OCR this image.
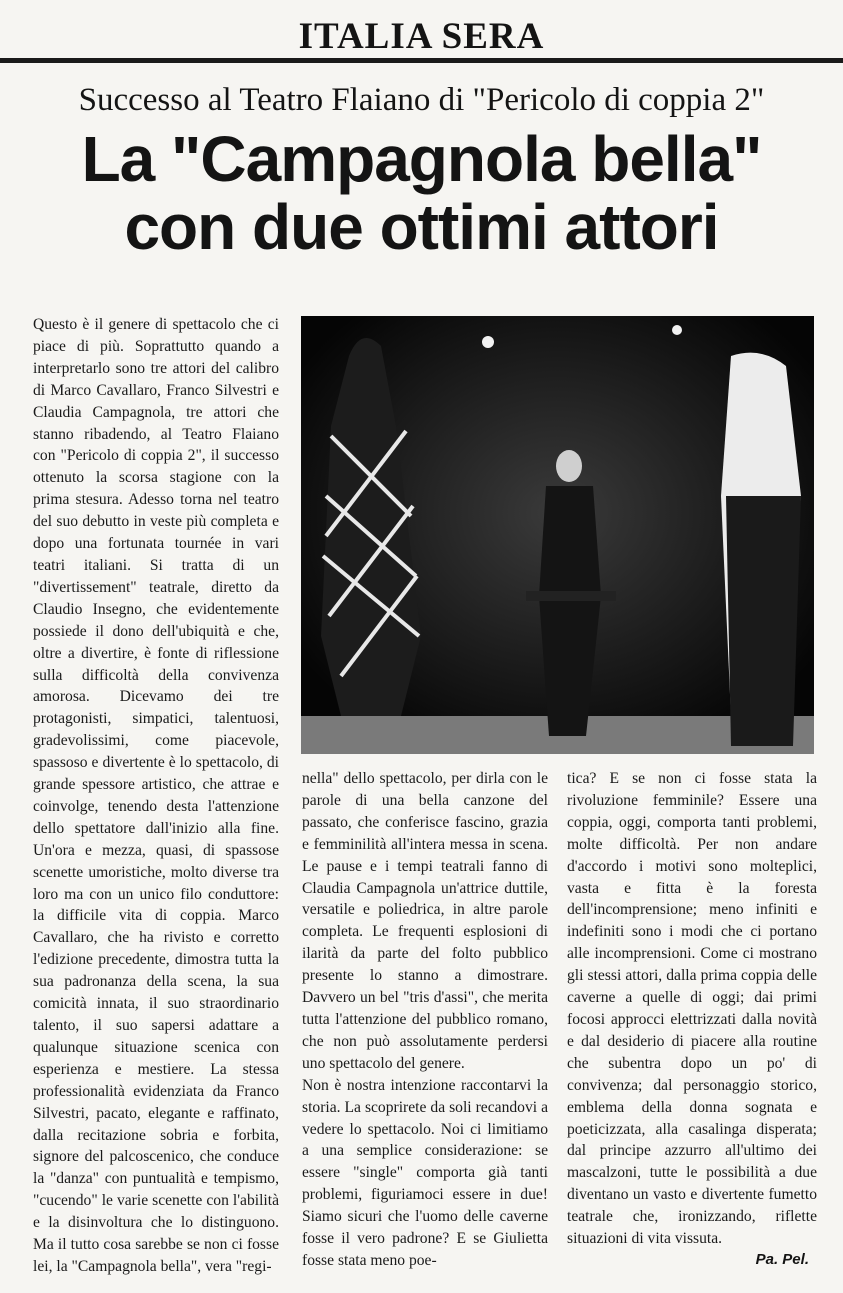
ITALIA SERA
Successo al Teatro Flaiano di "Pericolo di coppia 2"
La "Campagnola bella"
con due ottimi attori

Questo è il genere di spettacolo che ci piace di più. Soprattutto quando a interpretarlo sono tre attori del calibro di Marco Cavallaro, Franco Silvestri e Claudia Campagnola, tre attori che stanno ribadendo, al Teatro Flaiano con "Pericolo di coppia 2", il successo ottenuto la scorsa stagione con la prima stesura. Adesso torna nel teatro del suo debutto in veste più completa e dopo una fortunata tournée in vari teatri italiani. Si tratta di un "divertissement" teatrale, diretto da Claudio Insegno, che evidentemente possiede il dono dell'ubiquità e che, oltre a divertire, è fonte di riflessione sulla difficoltà della convivenza amorosa. Dicevamo dei tre protagonisti, simpatici, talentuosi, gradevolissimi, come piacevole, spassoso e divertente è lo spettacolo, di grande spessore artistico, che attrae e coinvolge, tenendo desta l'attenzione dello spettatore dall'inizio alla fine. Un'ora e mezza, quasi, di spassose scenette umoristiche, molto diverse tra loro ma con un unico filo conduttore: la difficile vita di coppia. Marco Cavallaro, che ha rivisto e corretto l'edizione precedente, dimostra tutta la sua padronanza della scena, la sua comicità innata, il suo straordinario talento, il suo sapersi adattare a qualunque situazione scenica con esperienza e mestiere. La stessa professionalità evidenziata da Franco Silvestri, pacato, elegante e raffinato, dalla recitazione sobria e forbita, signore del palcoscenico, che conduce la "danza" con puntualità e tempismo, "cucendo" le varie scenette con l'abilità e la disinvoltura che lo distinguono. Ma il tutto cosa sarebbe se non ci fosse lei, la "Campagnola bella", vera "regi-

nella" dello spettacolo, per dirla con le parole di una bella canzone del passato, che conferisce fascino, grazia e femminilità all'intera messa in scena. Le pause e i tempi teatrali fanno di Claudia Campagnola un'attrice duttile, versatile e poliedrica, in altre parole completa. Le frequenti esplosioni di ilarità da parte del folto pubblico presente lo stanno a dimostrare. Davvero un bel "tris d'assi", che merita tutta l'attenzione del pubblico romano, che non può assolutamente perdersi uno spettacolo del genere.

Non è nostra intenzione raccontarvi la storia. La scoprirete da soli recandovi a vedere lo spettacolo. Noi ci limitiamo a una semplice considerazione: se essere "single" comporta già tanti problemi, figuriamoci essere in due! Siamo sicuri che l'uomo delle caverne fosse il vero padrone? E se Giulietta fosse stata meno poe-

tica? E se non ci fosse stata la rivoluzione femminile? Essere una coppia, oggi, comporta tanti problemi, molte difficoltà. Per non andare d'accordo i motivi sono molteplici, vasta e fitta è la foresta dell'incomprensione; meno infiniti e indefiniti sono i modi che ci portano alle incomprensioni. Come ci mostrano gli stessi attori, dalla prima coppia delle caverne a quelle di oggi; dai primi focosi approcci elettrizzati dalla novità e dal desiderio di piacere alla routine che subentra dopo un po' di convivenza; dal personaggio storico, emblema della donna sognata e poeticizzata, alla casalinga disperata; dal principe azzurro all'ultimo dei mascalzoni, tutte le possibilità a due diventano un vasto e divertente fumetto teatrale che, ironizzando, riflette situazioni di vita vissuta.

Pa. Pel.
